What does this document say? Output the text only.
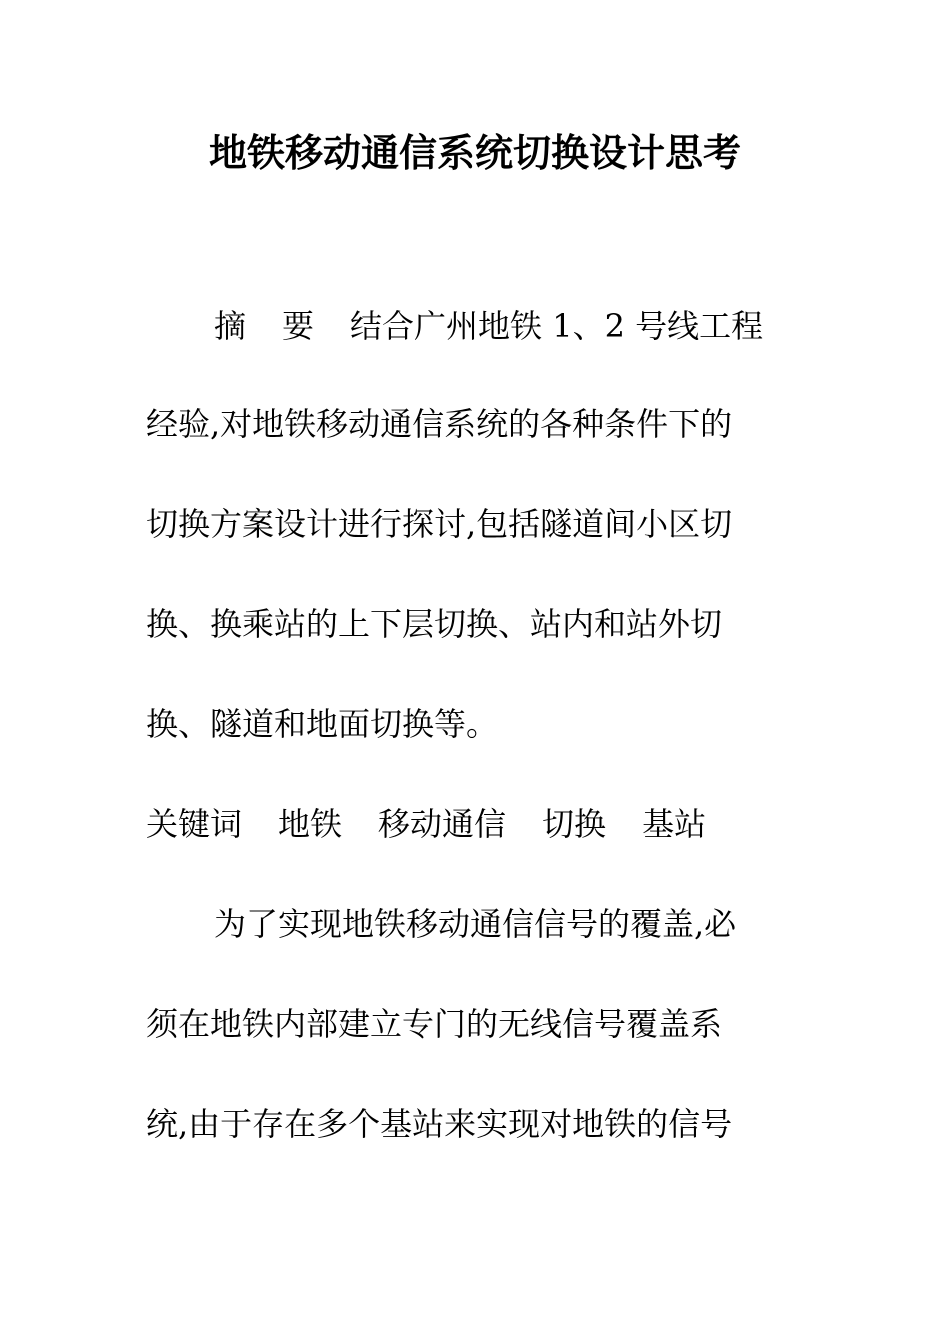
地铁移动通信系统切换设计思考
摘 要 结合广州地铁 1、2 号线工程
经验,对地铁移动通信系统的各种条件下的
切换方案设计进行探讨,包括隧道间小区切
换、换乘站的上下层切换、站内和站外切
换、隧道和地面切换等。
关键词 地铁 移动通信 切换 基站
为了实现地铁移动通信信号的覆盖,必
须在地铁内部建立专门的无线信号覆盖系
统,由于存在多个基站来实现对地铁的信号
